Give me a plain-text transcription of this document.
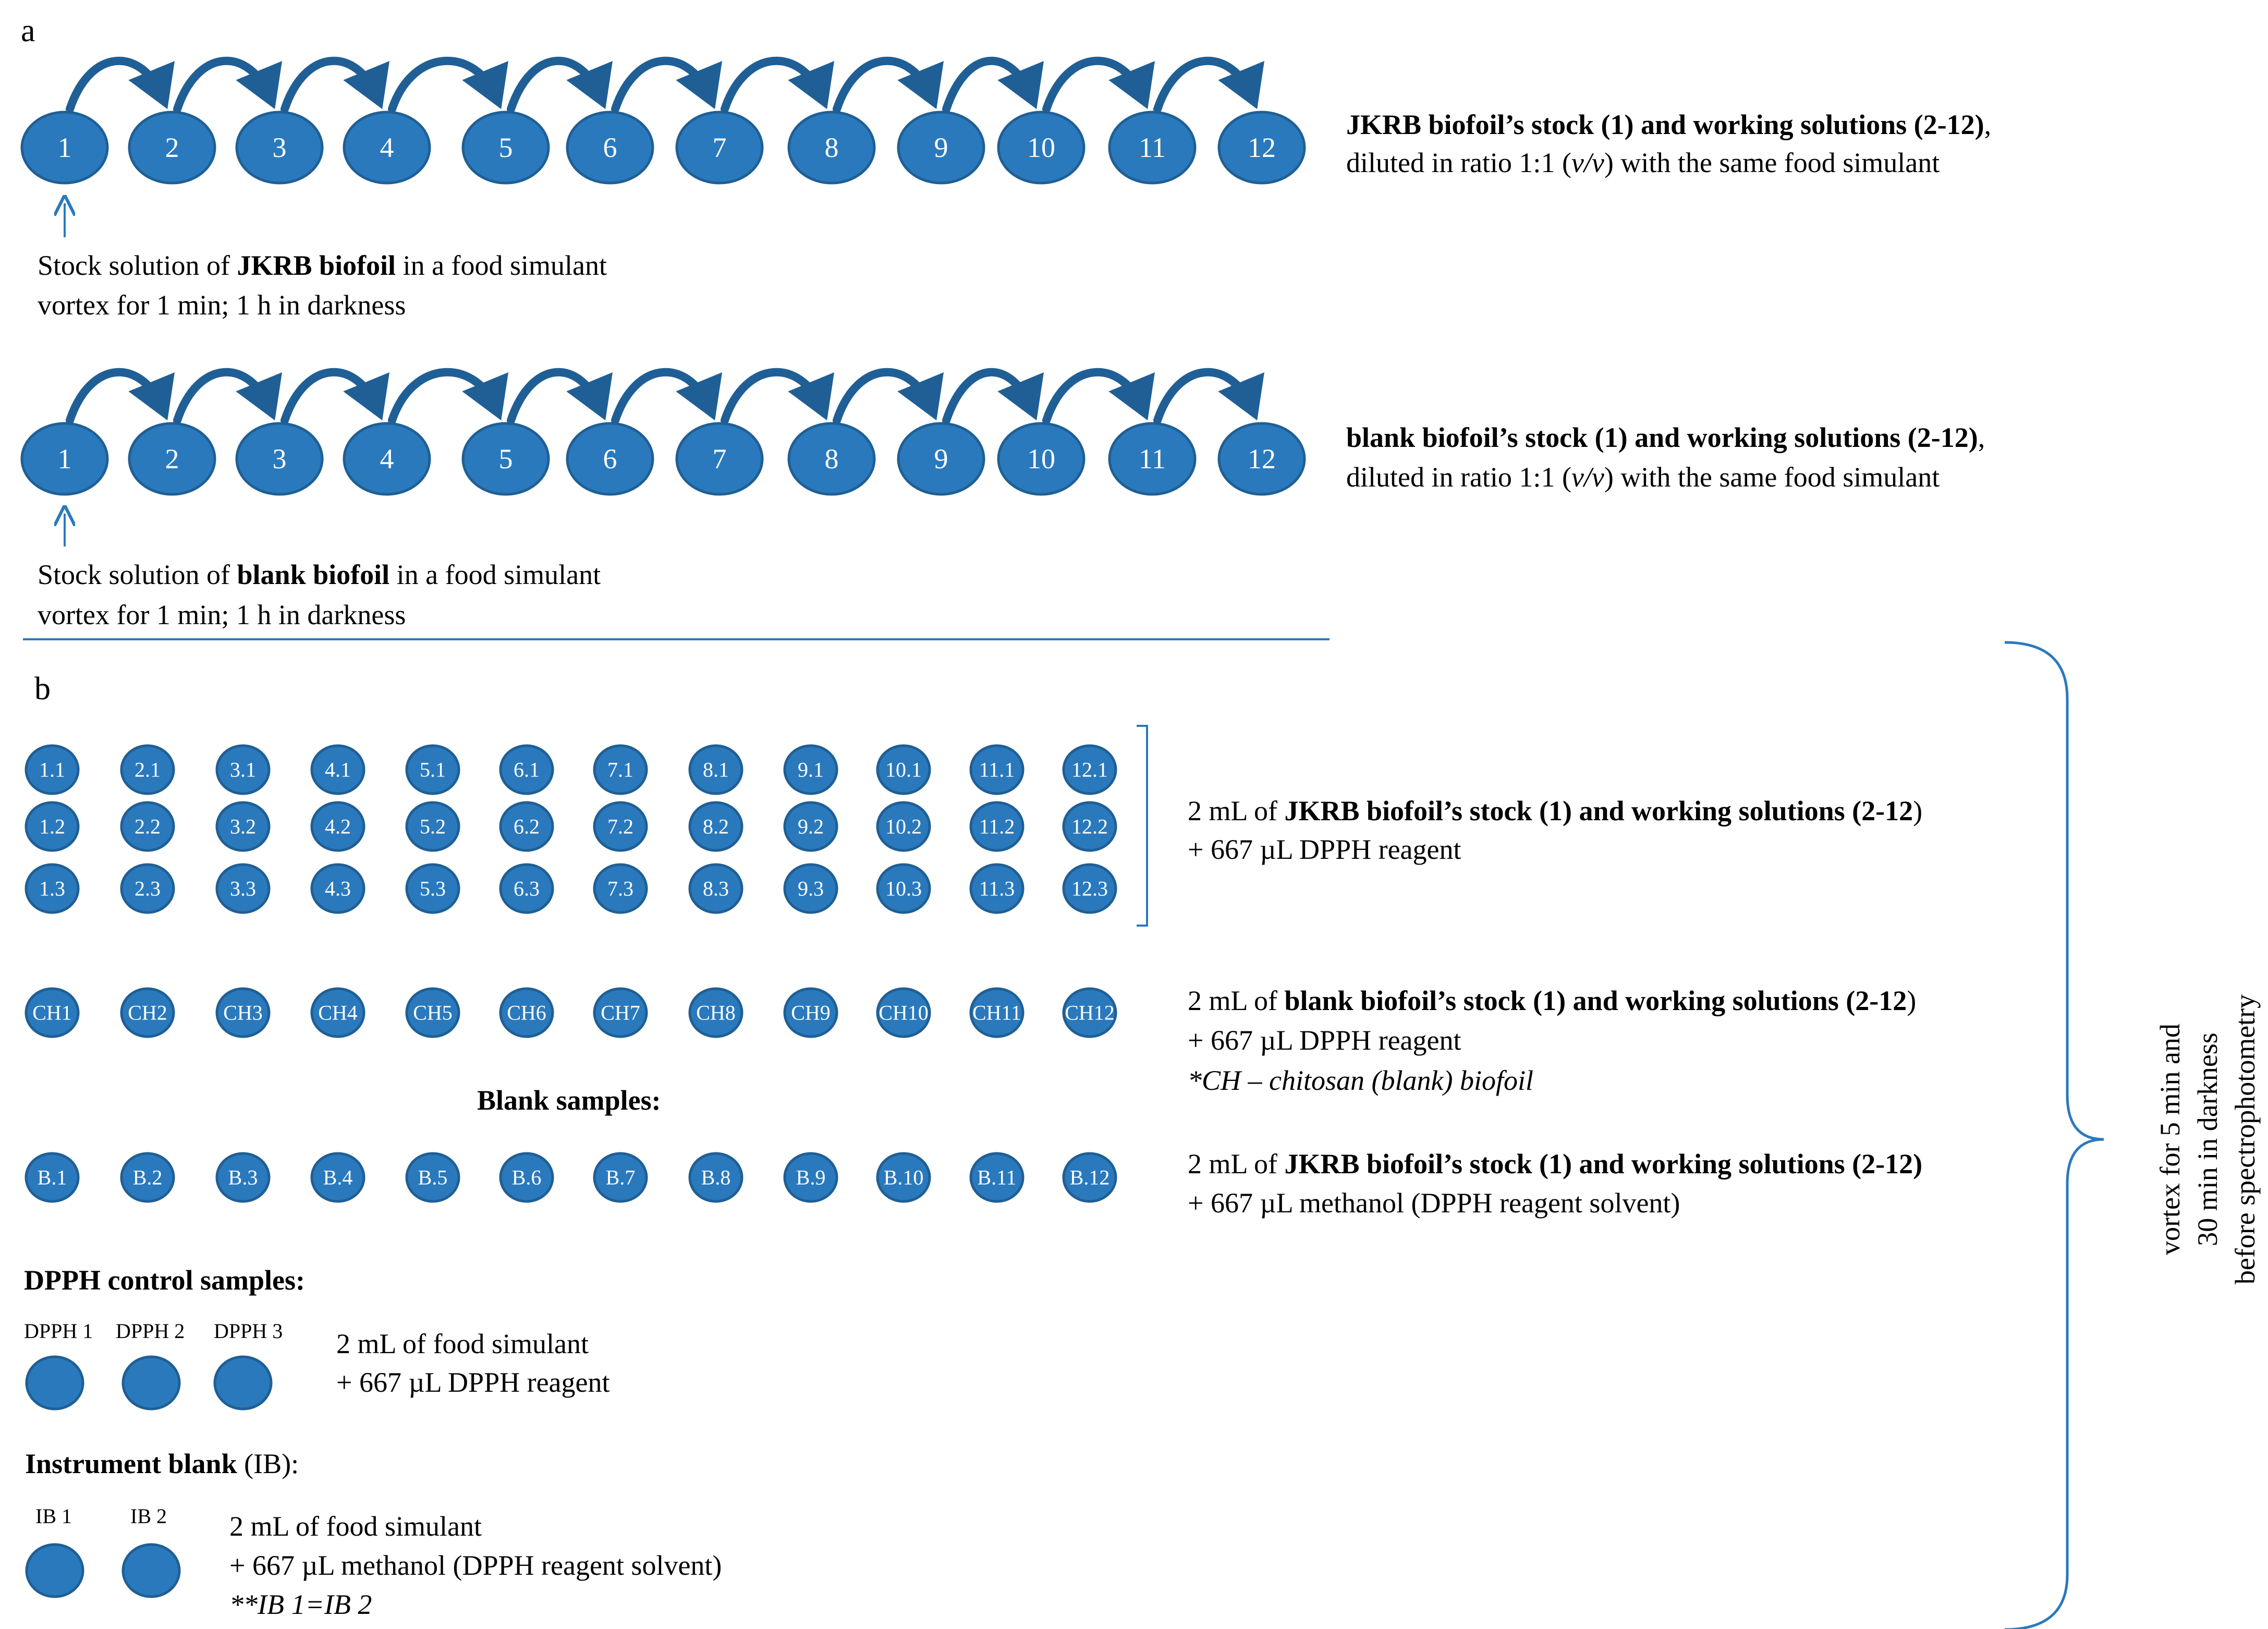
1	2	3	4	5	6	7	8	9	10	11	12
1	2	3	4	5	6	7	8	9	10	11	12
1.1	2.1	3.1	4.1	5.1	6.1	7.1	8.1	9.1	10.1	11.1	12.1
1.2	2.2	3.2	4.2	5.2	6.2	7.2	8.2	9.2	10.2	11.2	12.2
1.3	2.3	3.3	4.3	5.3	6.3	7.3	8.3	9.3	10.3	11.3	12.3
CH1	CH2	CH3	CH4	CH5	CH6	CH7	CH8	CH9 CH10 CH11 CH12
B.1	B.2	B.3	B.4	B.5	B.6	B.7	B.8	B.9	B.10	B.11	B.12	vortex for 5 min and 30 min in darkness before spectrophotometry
a
b
JKRB biofoil’s stock (1) and working solutions (2-12),
diluted in ratio 1:1 (v/v) with the same food simulant
Stock solution of JKRB biofoil in a food simulant
vortex for 1 min; 1 h in darkness
blank biofoil’s stock (1) and working solutions (2-12),
diluted in ratio 1:1 (v/v) with the same food simulant
Stock solution of blank biofoil in a food simulant
vortex for 1 min; 1 h in darkness
2 mL of JKRB biofoil’s stock (1) and working solutions (2-12)
+ 667 µL DPPH reagent
2 mL of blank biofoil’s stock (1) and working solutions (2-12)
+ 667 µL DPPH reagent
*CH – chitosan (blank) biofoil
Blank samples:
2 mL of JKRB biofoil’s stock (1) and working solutions (2-12)
+ 667 µL methanol (DPPH reagent solvent)
DPPH control samples:
DPPH 1 DPPH 2 DPPH 3 2 mL of food simulant
+ 667 µL DPPH reagent
Instrument blank (IB):
IB 1	IB 2 2 mL of food simulant
+ 667 µL methanol (DPPH reagent solvent)
**IB 1=IB 2
